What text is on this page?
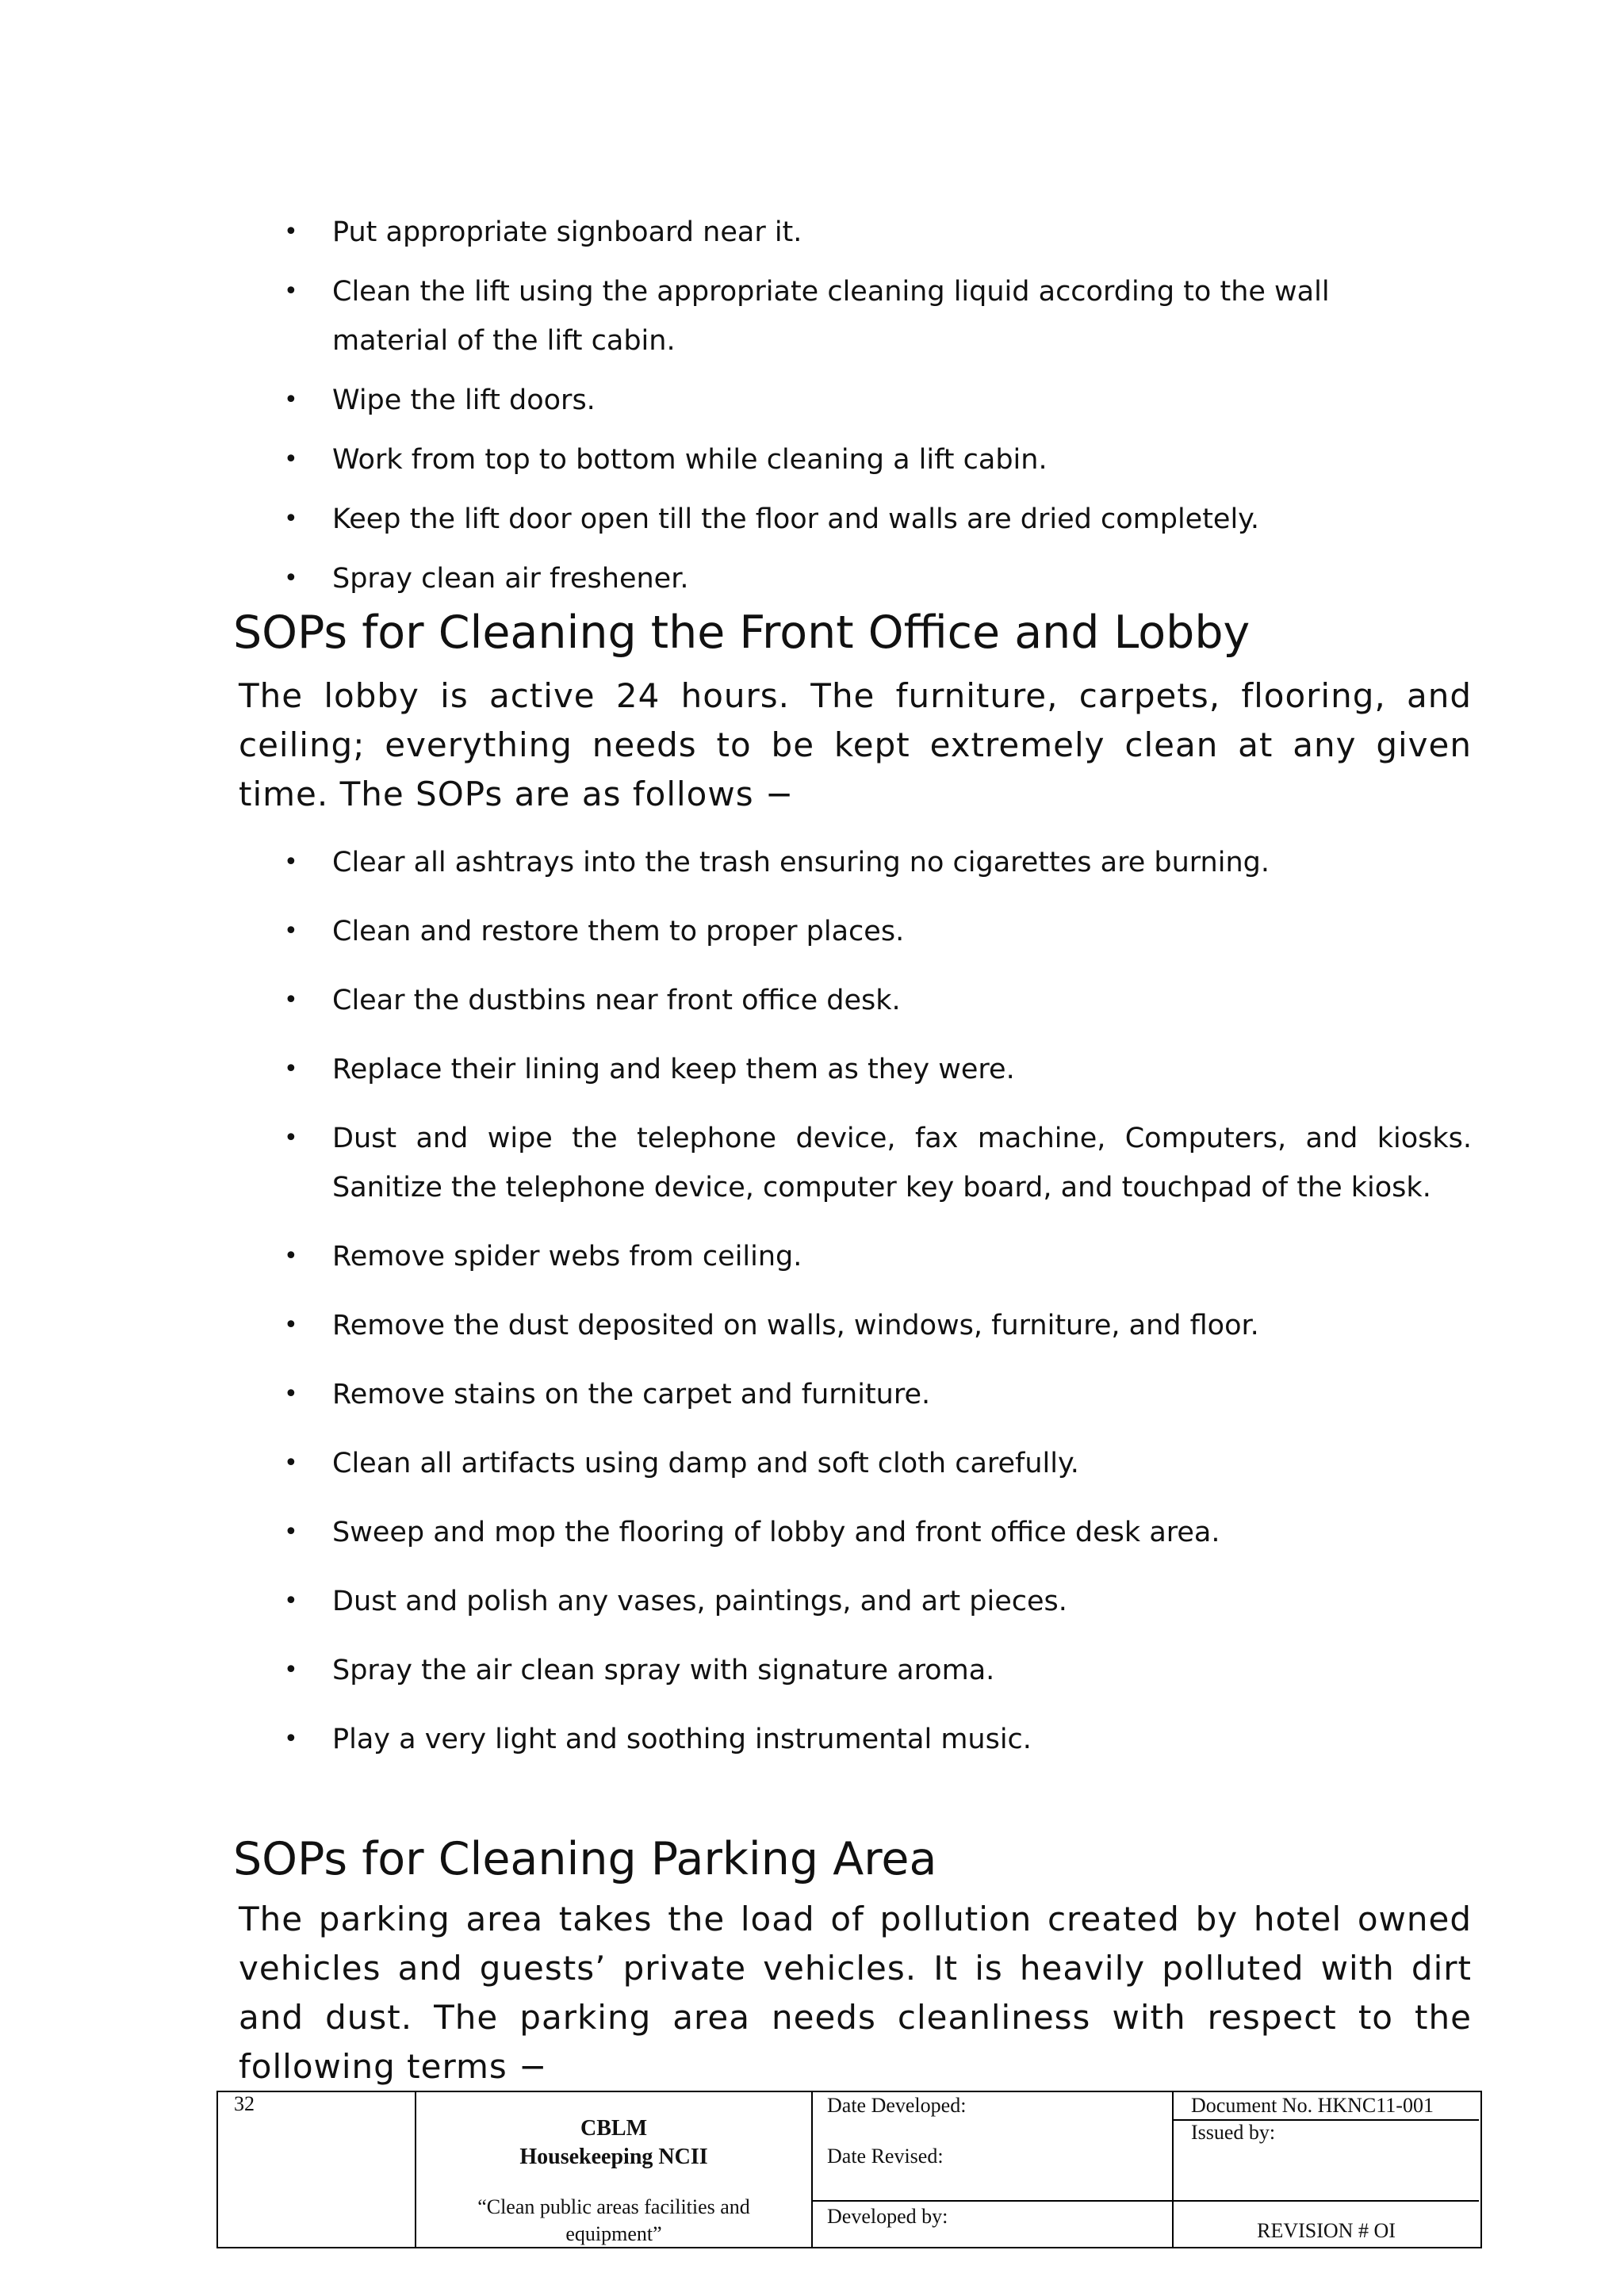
• Put appropriate signboard near it.
• Clean the lift using the appropriate cleaning liquid according to the wall material of the lift cabin.
• Wipe the lift doors.
• Work from top to bottom while cleaning a lift cabin.
• Keep the lift door open till the floor and walls are dried completely.
• Spray clean air freshener.
SOPs for Cleaning the Front Office and Lobby

The lobby is active 24 hours. The furniture, carpets, flooring, and ceiling; everything needs to be kept extremely clean at any given time. The SOPs are as follows −

• Clear all ashtrays into the trash ensuring no cigarettes are burning.
• Clean and restore them to proper places.
• Clear the dustbins near front office desk.
• Replace their lining and keep them as they were.
• Dust and wipe the telephone device, fax machine, Computers, and kiosks. Sanitize the telephone device, computer key board, and touchpad of the kiosk.
• Remove spider webs from ceiling.
• Remove the dust deposited on walls, windows, furniture, and floor.
• Remove stains on the carpet and furniture.
• Clean all artifacts using damp and soft cloth carefully.
• Sweep and mop the flooring of lobby and front office desk area.
• Dust and polish any vases, paintings, and art pieces.
• Spray the air clean spray with signature aroma.
• Play a very light and soothing instrumental music.
SOPs for Cleaning Parking Area

The parking area takes the load of pollution created by hotel owned vehicles and guests’ private vehicles. It is heavily polluted with dirt and dust. The parking area needs cleanliness with respect to the following terms −

32
CBLM
Housekeeping NCII
“Clean public areas facilities and equipment”
Date Developed:
Date Revised:
Developed by:
Document No. HKNC11-001
Issued by:
REVISION # OI
